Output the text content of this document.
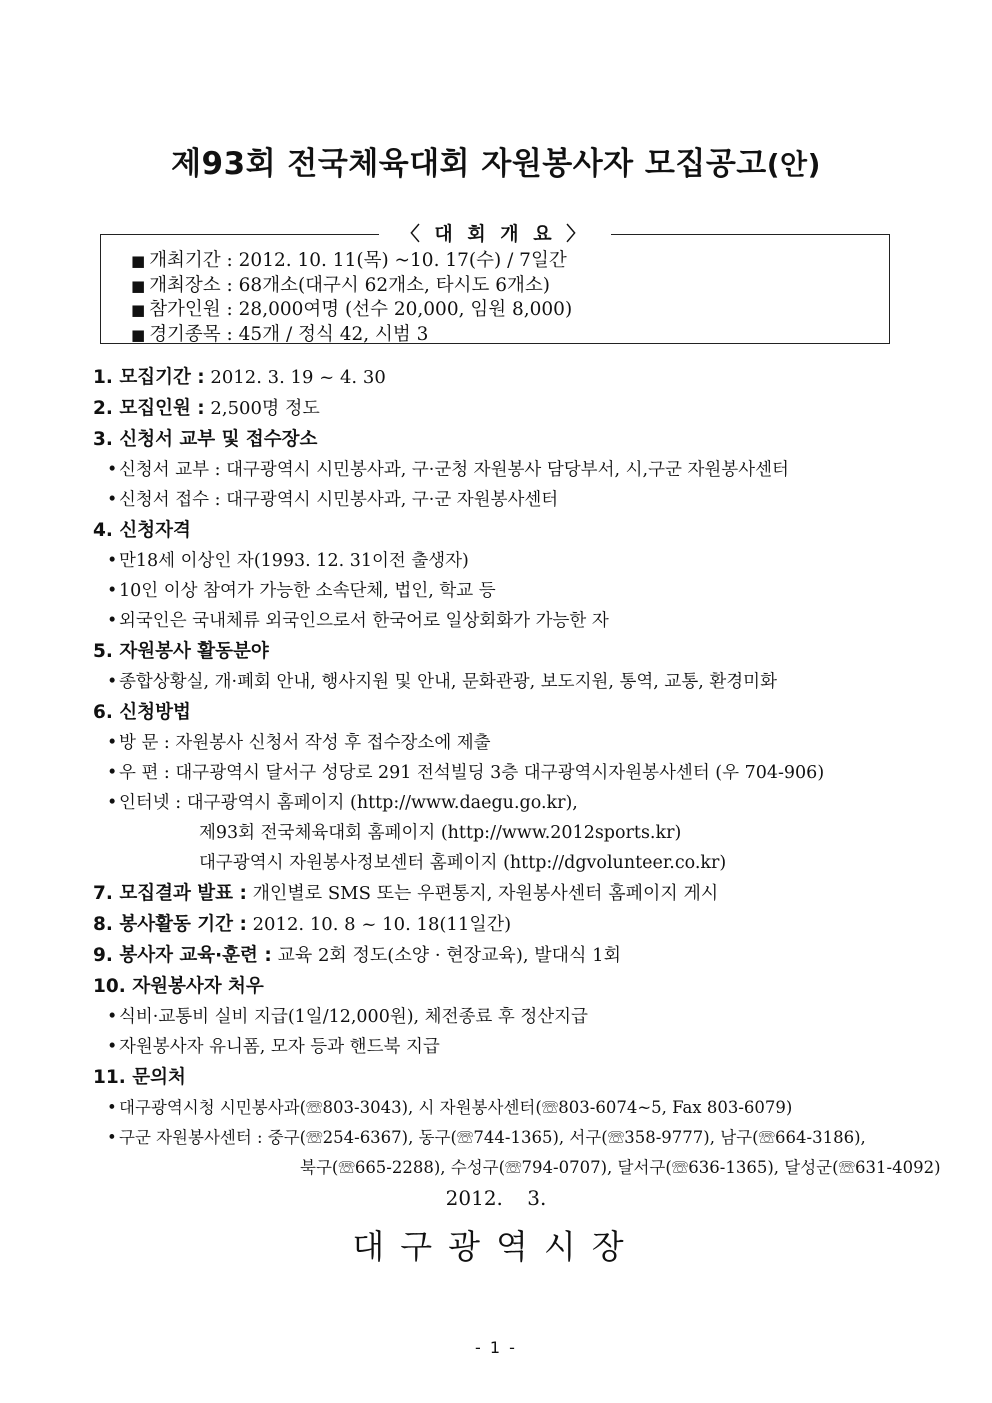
제93회 전국체육대회 자원봉사자 모집공고(안)
〈 대 회 개 요 〉
■ 개최기간 : 2012. 10. 11(목) ~10. 17(수) / 7일간
■ 개최장소 : 68개소(대구시 62개소, 타시도 6개소)
■ 참가인원 : 28,000여명 (선수 20,000, 임원 8,000)
■ 경기종목 : 45개 / 정식 42, 시범 3
1. 모집기간 : 2012. 3. 19 ~ 4. 30
2. 모집인원 : 2,500명 정도
3. 신청서 교부 및 접수장소
•신청서 교부 : 대구광역시 시민봉사과, 구·군청 자원봉사 담당부서, 시,구군 자원봉사센터
•신청서 접수 : 대구광역시 시민봉사과, 구·군 자원봉사센터
4. 신청자격
•만18세 이상인 자(1993. 12. 31이전 출생자)
•10인 이상 참여가 가능한 소속단체, 법인, 학교 등
•외국인은 국내체류 외국인으로서 한국어로 일상회화가 가능한 자
5. 자원봉사 활동분야
•종합상황실, 개·폐회 안내, 행사지원 및 안내, 문화관광, 보도지원, 통역, 교통, 환경미화
6. 신청방법
•방 문 : 자원봉사 신청서 작성 후 접수장소에 제출
•우 편 : 대구광역시 달서구 성당로 291 전석빌딩 3층 대구광역시자원봉사센터 (우 704-906)
•인터넷 : 대구광역시 홈페이지 (http://www.daegu.go.kr),
제93회 전국체육대회 홈페이지 (http://www.2012sports.kr)
대구광역시 자원봉사정보센터 홈페이지 (http://dgvolunteer.co.kr)
7. 모집결과 발표 : 개인별로 SMS 또는 우편통지, 자원봉사센터 홈페이지 게시
8. 봉사활동 기간 : 2012. 10. 8 ~ 10. 18(11일간)
9. 봉사자 교육·훈련 : 교육 2회 정도(소양 · 현장교육), 발대식 1회
10. 자원봉사자 처우
•식비·교통비 실비 지급(1일/12,000원), 체전종료 후 정산지급
•자원봉사자 유니폼, 모자 등과 핸드북 지급
11. 문의처
• 대구광역시청 시민봉사과(☏803-3043), 시 자원봉사센터(☏803-6074~5, Fax 803-6079)
• 구군 자원봉사센터 : 중구(☏254-6367), 동구(☏744-1365), 서구(☏358-9777), 남구(☏664-3186),
북구(☏665-2288), 수성구(☏794-0707), 달서구(☏636-1365), 달성군(☏631-4092)
2012. 3.
대구광역시장
- 1 -
